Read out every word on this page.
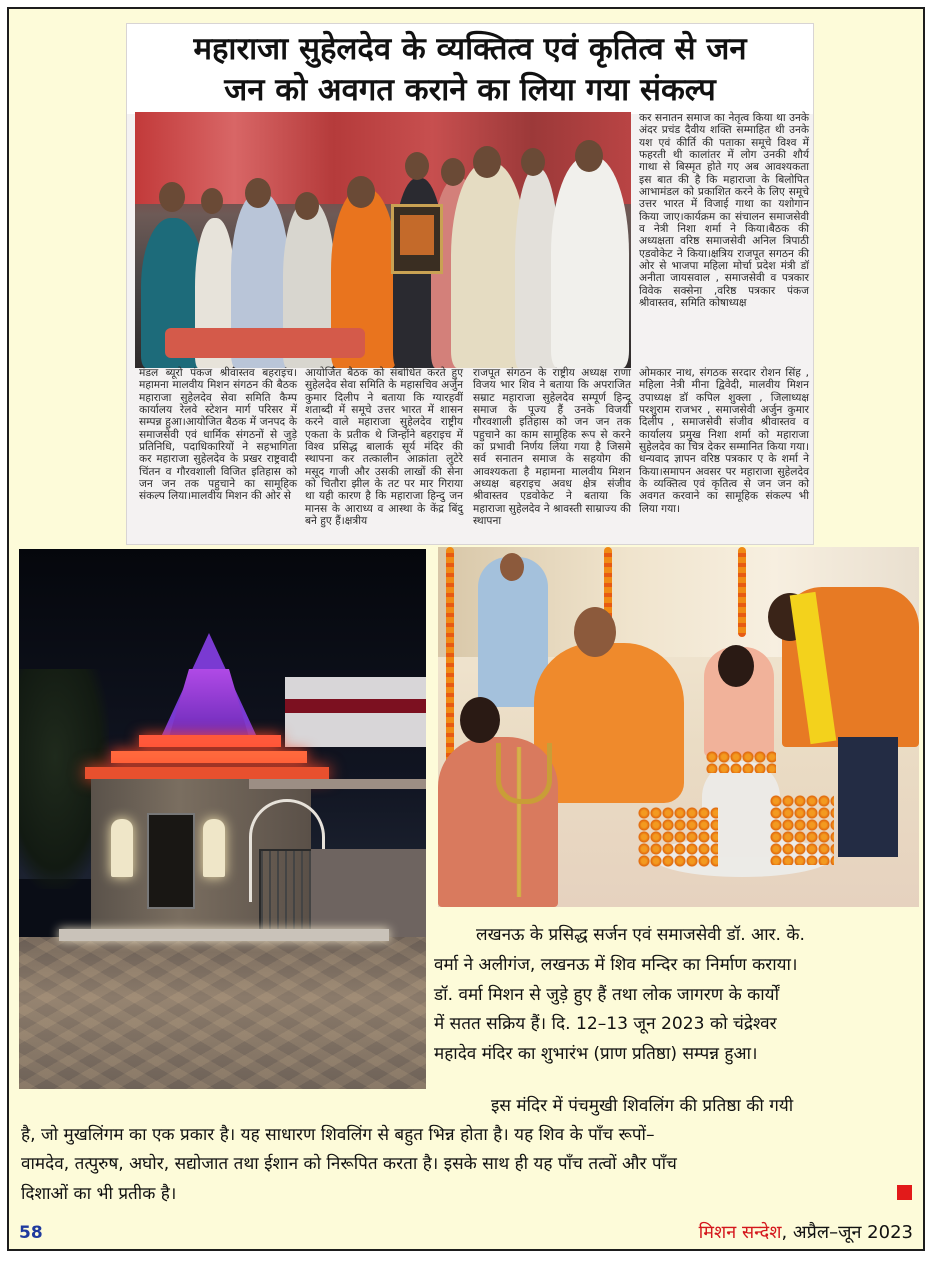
महाराजा सुहेलदेव के व्यक्तित्व एवं कृतित्व से जन
जन को अवगत कराने का लिया गया संकल्प

कर सनातन समाज का नेतृत्व किया था उनके अंदर प्रचंड दैवीय शक्ति सम्माहित थी उनके यश एवं कीर्ति की पताका समूचे विश्व में फहरती थी कालांतर में लोग उनकी शौर्य गाथा से बिस्मृत होते गए अब आवश्यकता इस बात की है कि महाराजा के बिलोपित आभामंडल को प्रकाशित करने के लिए समूचे उत्तर भारत में विजाई गाथा का यशोगान किया जाए।कार्यक्रम का संचालन समाजसेवी व नेत्री निशा शर्मा ने किया।बैठक की अध्यक्षता वरिष्ठ समाजसेवी अनिल त्रिपाठी एडवोकेट ने किया।क्षत्रिय राजपूत सगठन की ओर से भाजपा महिला मोर्चा प्रदेश मंत्री डॉ अनीता जायसवाल , समाजसेवी व पत्रकार विवेक सक्सेना ,वरिष्ठ पत्रकार पंकज श्रीवास्तव, समिति कोषाध्यक्ष

मंडल ब्यूरो पंकज श्रीवास्तव बहराइच। महामना मालवीय मिशन संगठन की बैठक महाराजा सुहेलदेव सेवा समिति कैम्प कार्यालय रेलवे स्टेशन मार्ग परिसर में सम्पन्न हुआ।आयोजित बैठक में जनपद के समाजसेवी एवं धार्मिक संगठनों से जुड़े प्रतिनिधि, पदाधिकारियों ने सहभागिता कर महाराजा सुहेलदेव के प्रखर राष्ट्रवादी चिंतन व गौरवशाली विजित इतिहास को जन जन तक पहुचाने का सामूहिक संकल्प लिया।मालवीय मिशन की ओर से

आयोजित बैठक को संबोधित करते हुए सुहेलदेव सेवा समिति के महासचिव अर्जुन कुमार दिलीप ने बताया कि ग्यारहवीं शताब्दी में समूचे उत्तर भारत में शासन करने वाले महाराजा सुहेलदेव राष्ट्रीय एकता के प्रतीक थे जिन्होंने बहराइच में विश्व प्रसिद्ध बालार्क सूर्य मंदिर की स्थापना कर तत्कालीन आक्रांता लुटेरे मसूद गाजी और उसकी लाखों की सेना को चितौरा झील के तट पर मार गिराया था यही कारण है कि महाराजा हिन्दु जन मानस के आराध्य व आस्था के केंद्र बिंदु बने हुए हैं।क्षत्रीय

राजपूत संगठन के राष्ट्रीय अध्यक्ष राणा विजय भार शिव ने बताया कि अपराजित सम्राट महाराजा सुहेलदेव सम्पूर्ण हिन्दू समाज के पूज्य हैं उनके विजयी गौरवशाली इतिहास को जन जन तक पहुचाने का काम सामूहिक रूप से करने का प्रभावी निर्णय लिया गया है जिसमे सर्व सनातन समाज के सहयोग की आवश्यकता है महामना मालवीय मिशन अध्यक्ष बहराइच अवध क्षेत्र संजीव श्रीवास्तव एडवोकेट ने बताया कि महाराजा सुहेलदेव ने श्रावस्ती साम्राज्य की स्थापना

ओमकार नाथ, संगठक सरदार रोशन सिंह , महिला नेत्री मीना द्विवेदी, मालवीय मिशन उपाध्यक्ष डॉ कपिल शुक्ला , जिलाध्यक्ष परशुराम राजभर , समाजसेवी अर्जुन कुमार दिलीप , समाजसेवी संजीव श्रीवास्तव व कार्यालय प्रमुख निशा शर्मा को महाराजा सुहेलदेव का चित्र देकर सम्मानित किया गया। धन्यवाद ज्ञापन वरिष्ठ पत्रकार ए के शर्मा ने किया।समापन अवसर पर महाराजा सुहेलदेव के व्यक्तित्व एवं कृतित्व से जन जन को अवगत करवाने का सामूहिक संकल्प भी लिया गया।

लखनऊ के प्रसिद्ध सर्जन एवं समाजसेवी डॉ. आर. के.

वर्मा ने अलीगंज, लखनऊ में शिव मन्दिर का निर्माण कराया।

डॉ. वर्मा मिशन से जुड़े हुए हैं तथा लोक जागरण के कार्यों

में सतत सक्रिय हैं। दि. 12–13 जून 2023 को चंद्रेश्वर

महादेव मंदिर का शुभारंभ (प्राण प्रतिष्ठा) सम्पन्न हुआ।

इस मंदिर में पंचमुखी शिवलिंग की प्रतिष्ठा की गयी

है, जो मुखलिंगम का एक प्रकार है। यह साधारण शिवलिंग से बहुत भिन्न होता है। यह शिव के पाँच रूपों–

वामदेव, तत्पुरुष, अघोर, सद्योजात तथा ईशान को निरूपित करता है। इसके साथ ही यह पाँच तत्वों और पाँच

दिशाओं का भी प्रतीक है।

58	मिशन सन्देश, अप्रैल–जून 2023
